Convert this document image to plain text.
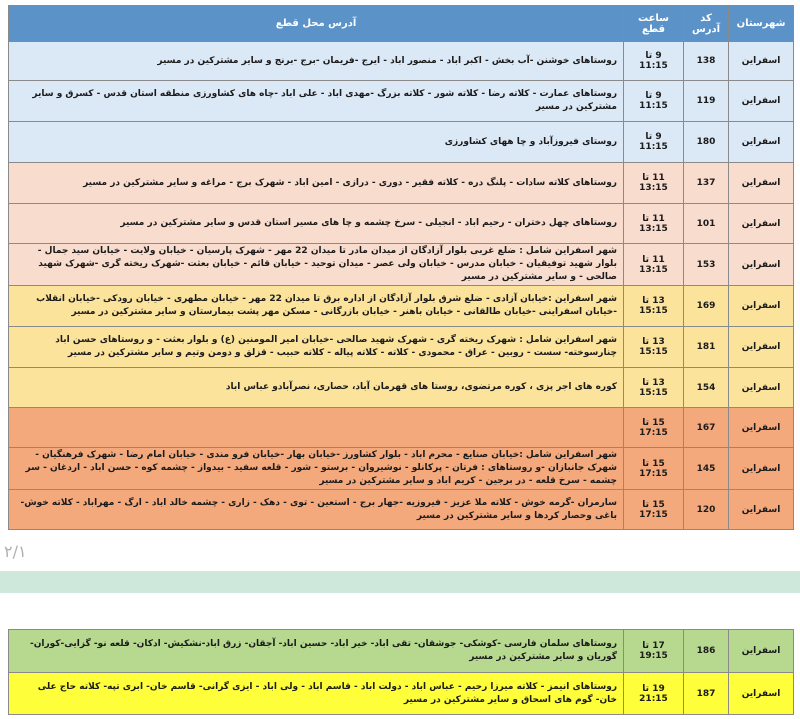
شهرستان	کد آدرس	ساعت قطع	آدرس محل قطع
اسفراین	138	9 تا 11:15	روستاهای خوشنن -آب بخش - اکبر اباد - منصور اباد - ایرج -فریمان -برج -برنج و سایر مشترکین در مسیر
اسفراین	119	9 تا 11:15	روستاهای عمارت - کلاته رضا - کلاته شور - کلاته بزرگ -مهدی اباد - علی اباد -چاه های کشاورزی منطقه استان قدس - کسرق و سایر مشترکین در مسیر
اسفراین	180	9 تا 11:15	روستای فیروزآباد و چا ههای کشاورزی
اسفراین	137	11 تا 13:15	روستاهای کلاته سادات - پلنگ دره - کلاته فقیر - دوری - درازی - امین اباد - شهرک برج - مراغه و سایر مشترکین در مسیر
اسفراین	101	11 تا 13:15	روستاهای چهل دختران - رحیم اباد - انجیلی - سرخ چشمه و چا های مسیر استان قدس و سایر مشترکین در مسیر
اسفراین	153	11 تا 13:15	شهر اسفراین شامل : ضلع غربی بلوار آزادگان از میدان مادر تا میدان 22 مهر - شهرک پارسیان - خیابان ولایت - خیابان سید جمال - بلوار شهید توفیقیان - خیابان مدرس - خیابان ولی عصر - میدان توحید - خیابان قائم - خیابان بعثت -شهرک ریخته گری -شهرک شهید صالحی - و سایر مشترکین در مسیر
اسفراین	169	13 تا 15:15	شهر اسفراین :خیابان آزادی - ضلع شرق بلوار آزادگان از اداره برق تا میدان 22 مهر - خیابان مطهری - خیابان رودکی -خیابان انقلاب -خیابان اسفراینی -خیابان طالقانی - خیابان باهنر - خیابان بازرگانی - مسکن مهر پشت بیمارستان و سایر مشترکین در مسیر
اسفراین	181	13 تا 15:15	شهر اسفراین شامل : شهرک ریخته گری - شهرک شهید صالحی -خیابان امیر المومنین (ع) و بلوار بعثت - و روستاهای حسن اباد چنارسوخته- سست - روبین - عراق - محمودی - کلاته - کلاته پیاله - کلاته حبیب - قزلق و دومن وتیم و سایر مشترکین در مسیر
اسفراین	154	13 تا 15:15	کوره های اجر پزی ، کوره مرتضوی، روستا های قهرمان آباد، حصاری، نصرآبادو عباس اباد
اسفراین	167	15 تا 17:15	
اسفراین	145	15 تا 17:15	شهر اسفراین شامل :خیابان صنایع - محرم اباد - بلوار کشاورز -خیابان بهار -خیابان فرو مندی - خیابان امام رضا - شهرک فرهنگیان - شهرک جانبازان -و روستاهای : فرتان - پرکانلو - نوشیروان - برستو - شور - قلعه سفید - بیدواز - چشمه کوه - حسن اباد - اردغان - سر چشمه - سرخ قلعه - در برجین - کریم اباد و سایر مشترکین در مسیر
اسفراین	120	15 تا 17:15	سارمران -گرمه خوش - کلاته ملا عزیز - فیروزیه -جهار برج - استعین - توی - دهک - زاری - چشمه خالد اباد - ارگ - مهراباد - کلاته خوش- باغی وحصار کردها و سایر مشترکین در مسیر
۲/۱
اسفراین	186	17 تا 19:15	روستاهای سلمان فارسی -کوشکی- جوشقان- تقی اباد- خیر اباد- حسین اباد- آجقان- زرق اباد-نشکیش- ادکان- قلعه نو- گزایی-کوران- گوریان و سایر مشترکین در مسیر
اسفراین	187	19 تا 21:15	روستاهای انیمز - کلاته میرزا رحیم - عباس اباد - دولت اباد - قاسم اباد - ولی اباد - ایزی گرانی- قاسم خان- ابری تپه- کلاته حاج علی خان- گوم های اسحاق و سایر مشترکین در مسیر
